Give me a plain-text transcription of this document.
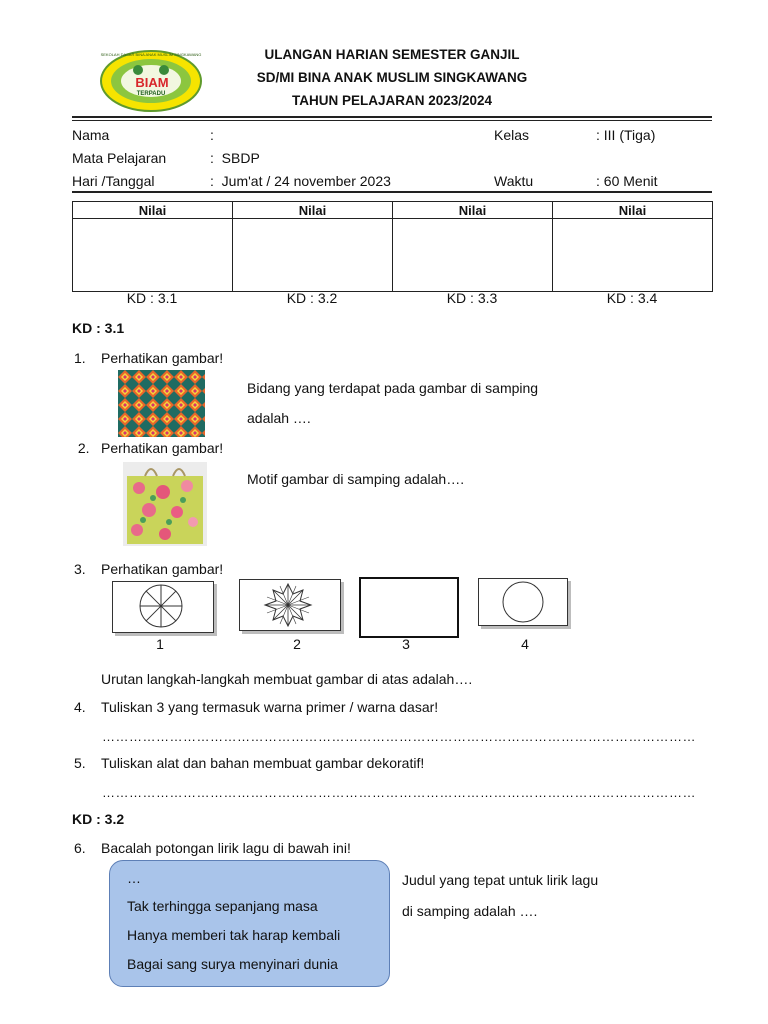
BIAM
TERPADU
SEKOLAH DASAR BINA ANAK MUSLIM SINGKAWANG	ULANGAN HARIAN SEMESTER GANJIL
SD/MI BINA ANAK MUSLIM SINGKAWANG
TAHUN PELAJARAN 2023/2024
Nama	:	Kelas	: III (Tiga)
Mata Pelajaran	:  SBDP
Hari /Tanggal	:  Jum'at / 24 november 2023	Waktu	: 60 Menit
Nilai	Nilai	Nilai	Nilai

KD : 3.1	KD : 3.2	KD : 3.3	KD : 3.4
KD : 3.1
1. Perhatikan gambar!
Bidang yang terdapat pada gambar di samping
adalah ….
2. Perhatikan gambar!
Motif gambar di samping adalah….
3. Perhatikan gambar!
1	2	3	4
Urutan langkah-langkah membuat gambar di atas adalah….
4. Tuliskan 3 yang termasuk warna primer / warna dasar!
……………………………………………………………………………………………………………………
5. Tuliskan alat dan bahan membuat gambar dekoratif!
……………………………………………………………………………………………………………………
KD : 3.2
6. Bacalah potongan lirik lagu di bawah ini!
…
Tak terhingga sepanjang masa
Hanya memberi tak harap kembali
Bagai sang surya menyinari dunia
Judul yang tepat untuk lirik lagu
di samping adalah ….
